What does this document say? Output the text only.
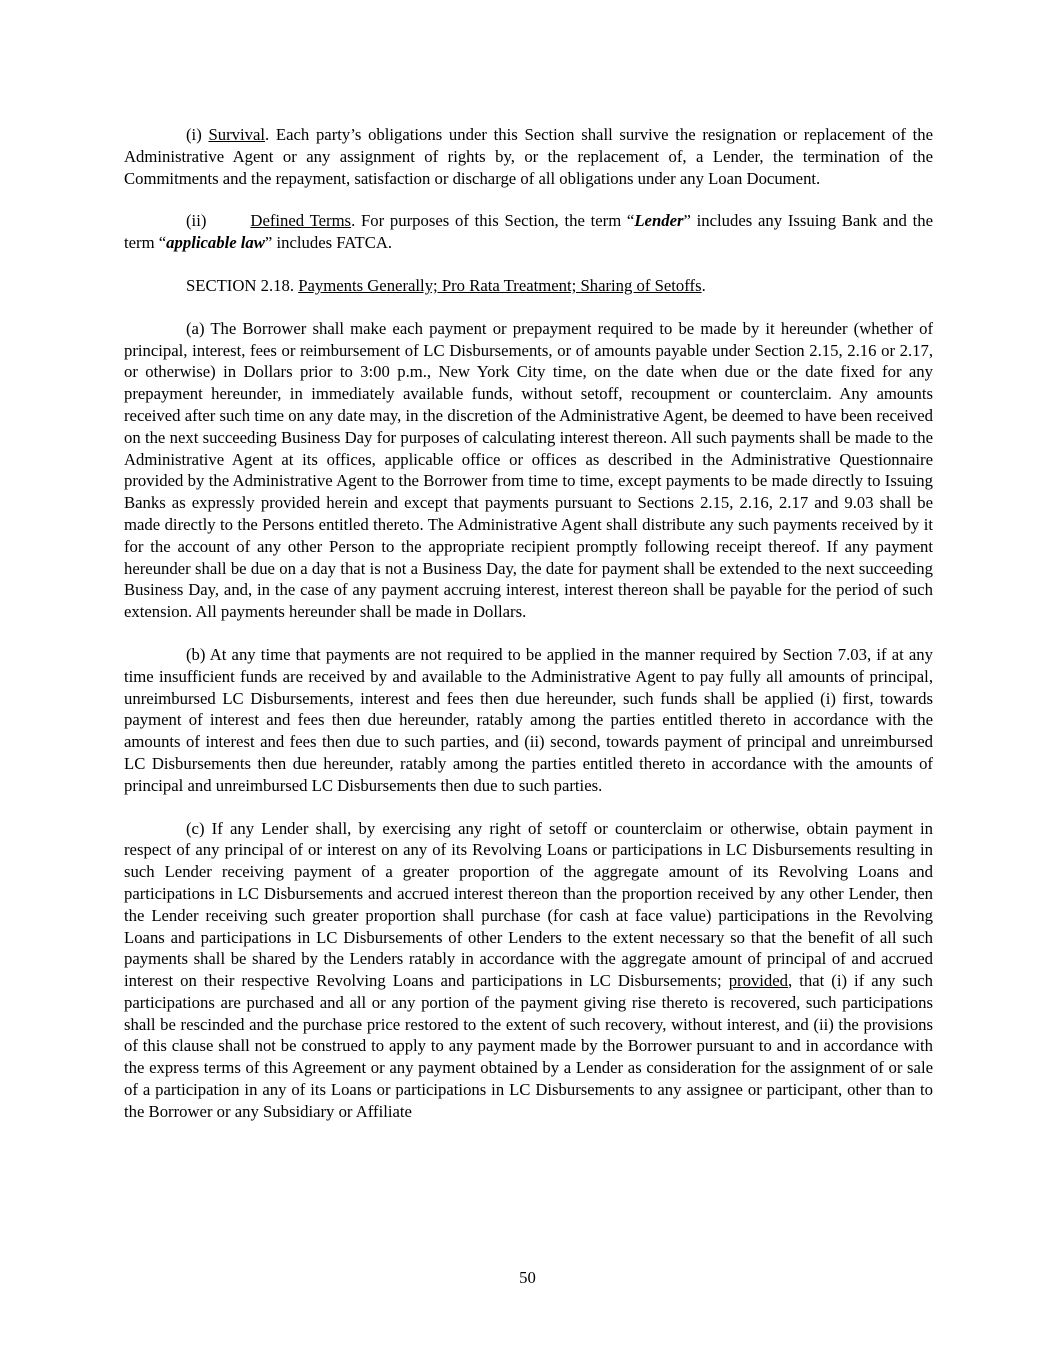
(i) Survival. Each party’s obligations under this Section shall survive the resignation or replacement of the Administrative Agent or any assignment of rights by, or the replacement of, a Lender, the termination of the Commitments and the repayment, satisfaction or discharge of all obligations under any Loan Document.

(ii)	Defined Terms. For purposes of this Section, the term “Lender” includes any Issuing Bank and the term “applicable law” includes FATCA.

SECTION 2.18. Payments Generally; Pro Rata Treatment; Sharing of Setoffs.

(a) The Borrower shall make each payment or prepayment required to be made by it hereunder (whether of principal, interest, fees or reimbursement of LC Disbursements, or of amounts payable under Section 2.15, 2.16 or 2.17, or otherwise) in Dollars prior to 3:00 p.m., New York City time, on the date when due or the date fixed for any prepayment hereunder, in immediately available funds, without setoff, recoupment or counterclaim. Any amounts received after such time on any date may, in the discretion of the Administrative Agent, be deemed to have been received on the next succeeding Business Day for purposes of calculating interest thereon. All such payments shall be made to the Administrative Agent at its offices, applicable office or offices as described in the Administrative Questionnaire provided by the Administrative Agent to the Borrower from time to time, except payments to be made directly to Issuing Banks as expressly provided herein and except that payments pursuant to Sections 2.15, 2.16, 2.17 and 9.03 shall be made directly to the Persons entitled thereto. The Administrative Agent shall distribute any such payments received by it for the account of any other Person to the appropriate recipient promptly following receipt thereof. If any payment hereunder shall be due on a day that is not a Business Day, the date for payment shall be extended to the next succeeding Business Day, and, in the case of any payment accruing interest, interest thereon shall be payable for the period of such extension. All payments hereunder shall be made in Dollars.

(b) At any time that payments are not required to be applied in the manner required by Section 7.03, if at any time insufficient funds are received by and available to the Administrative Agent to pay fully all amounts of principal, unreimbursed LC Disbursements, interest and fees then due hereunder, such funds shall be applied (i) first, towards payment of interest and fees then due hereunder, ratably among the parties entitled thereto in accordance with the amounts of interest and fees then due to such parties, and (ii) second, towards payment of principal and unreimbursed LC Disbursements then due hereunder, ratably among the parties entitled thereto in accordance with the amounts of principal and unreimbursed LC Disbursements then due to such parties.

(c) If any Lender shall, by exercising any right of setoff or counterclaim or otherwise, obtain payment in respect of any principal of or interest on any of its Revolving Loans or participations in LC Disbursements resulting in such Lender receiving payment of a greater proportion of the aggregate amount of its Revolving Loans and participations in LC Disbursements and accrued interest thereon than the proportion received by any other Lender, then the Lender receiving such greater proportion shall purchase (for cash at face value) participations in the Revolving Loans and participations in LC Disbursements of other Lenders to the extent necessary so that the benefit of all such payments shall be shared by the Lenders ratably in accordance with the aggregate amount of principal of and accrued interest on their respective Revolving Loans and participations in LC Disbursements; provided, that (i) if any such participations are purchased and all or any portion of the payment giving rise thereto is recovered, such participations shall be rescinded and the purchase price restored to the extent of such recovery, without interest, and (ii) the provisions of this clause shall not be construed to apply to any payment made by the Borrower pursuant to and in accordance with the express terms of this Agreement or any payment obtained by a Lender as consideration for the assignment of or sale of a participation in any of its Loans or participations in LC Disbursements to any assignee or participant, other than to the Borrower or any Subsidiary or Affiliate

50
